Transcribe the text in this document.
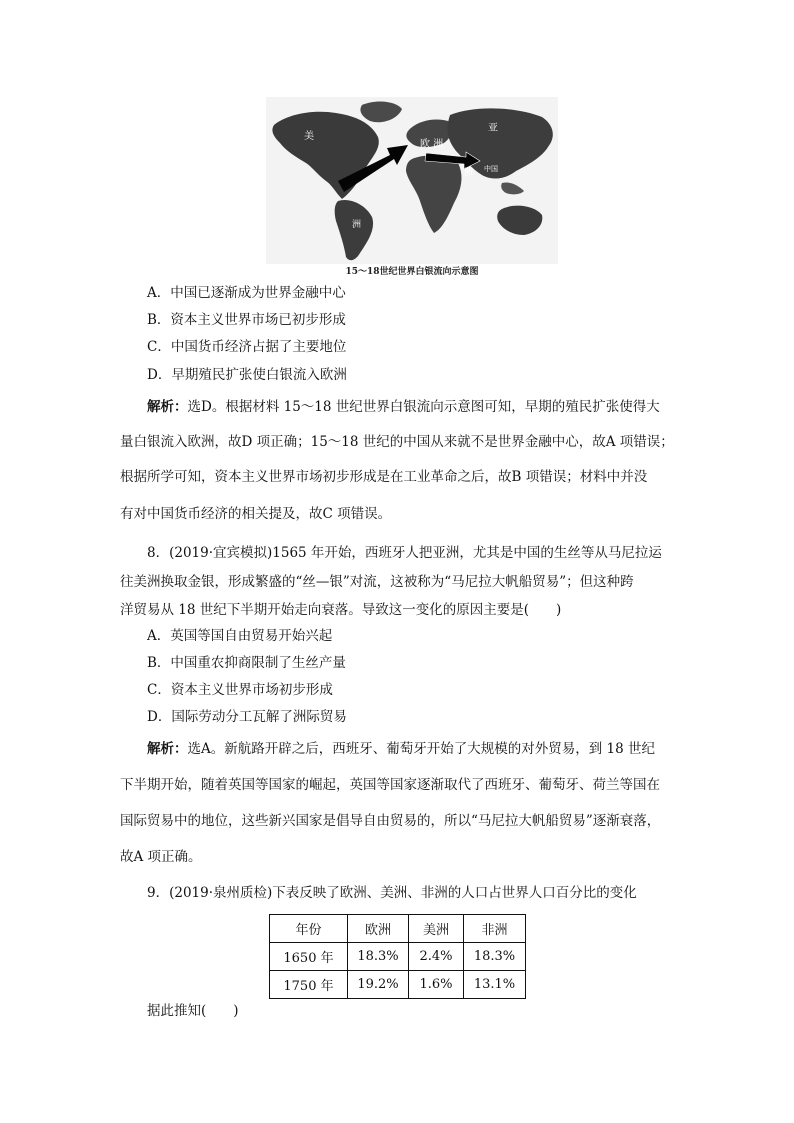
美
洲
欧 洲
亚
洲 中国
15～18世纪世界白银流向示意图
A．中国已逐渐成为世界金融中心
B．资本主义世界市场已初步形成
C．中国货币经济占据了主要地位
D．早期殖民扩张使白银流入欧洲
解析：选D。根据材料 15～18 世纪世界白银流向示意图可知，早期的殖民扩张使得大
量白银流入欧洲，故D 项正确；15～18 世纪的中国从来就不是世界金融中心，故A 项错误；
根据所学可知，资本主义世界市场初步形成是在工业革命之后，故B 项错误；材料中并没
有对中国货币经济的相关提及，故C 项错误。
8．(2019·宜宾模拟)1565 年开始，西班牙人把亚洲，尤其是中国的生丝等从马尼拉运
往美洲换取金银，形成繁盛的“丝—银”对流，这被称为“马尼拉大帆船贸易”；但这种跨
洋贸易从 18 世纪下半期开始走向衰落。导致这一变化的原因主要是(　　)
A．英国等国自由贸易开始兴起
B．中国重农抑商限制了生丝产量
C．资本主义世界市场初步形成
D．国际劳动分工瓦解了洲际贸易
解析：选A。新航路开辟之后，西班牙、葡萄牙开始了大规模的对外贸易，到 18 世纪
下半期开始，随着英国等国家的崛起，英国等国家逐渐取代了西班牙、葡萄牙、荷兰等国在
国际贸易中的地位，这些新兴国家是倡导自由贸易的，所以“马尼拉大帆船贸易”逐渐衰落，
故A 项正确。
9．(2019·泉州质检)下表反映了欧洲、美洲、非洲的人口占世界人口百分比的变化
年份	欧洲	美洲	非洲
1650 年	18.3%	2.4%	18.3%
1750 年	19.2%	1.6%	13.1%
据此推知(　　)
